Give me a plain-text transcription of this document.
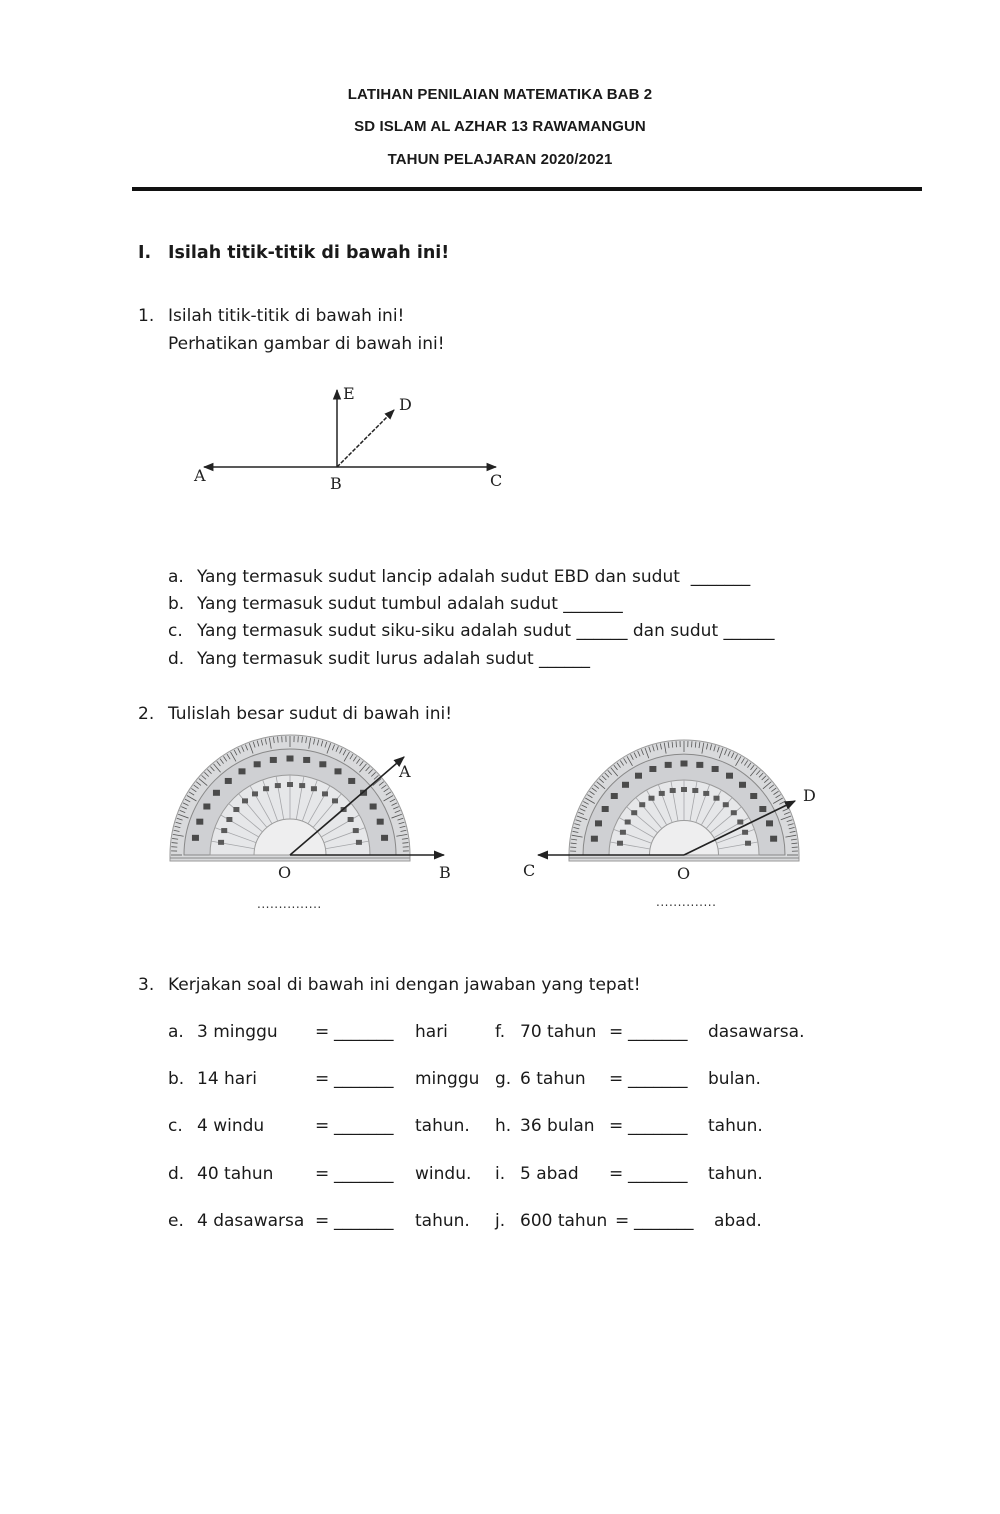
LATIHAN PENILAIAN MATEMATIKA BAB 2
SD ISLAM AL AZHAR 13 RAWAMANGUN
TAHUN PELAJARAN 2020/2021
I. Isilah titik-titik di bawah ini!
1. Isilah titik-titik di bawah ini!
Perhatikan gambar di bawah ini!
A	B	C
D
E
a. Yang termasuk sudut lancip adalah sudut EBD dan sudut  _______
b. Yang termasuk sudut tumbul adalah sudut _______
c. Yang termasuk sudut siku-siku adalah sudut ______ dan sudut ______
d. Yang termasuk sudit lurus adalah sudut ______
2. Tulislah besar sudut di bawah ini!
O
A
B
...............
O
D
C
..............
3. Kerjakan soal di bawah ini dengan jawaban yang tepat!
a. 3 minggu = _______ hari
b. 14 hari	= _______ minggu
c. 4 windu	= _______ tahun.
d. 40 tahun = _______ windu.
e. 4 dasawarsa = _______ tahun.
f. 70 tahun = _______ dasawarsa.
g. 6 tahun = _______ bulan.
h. 36 bulan = _______ tahun.
i. 5 abad = _______ tahun.
j. 600 tahun = _______ abad.
